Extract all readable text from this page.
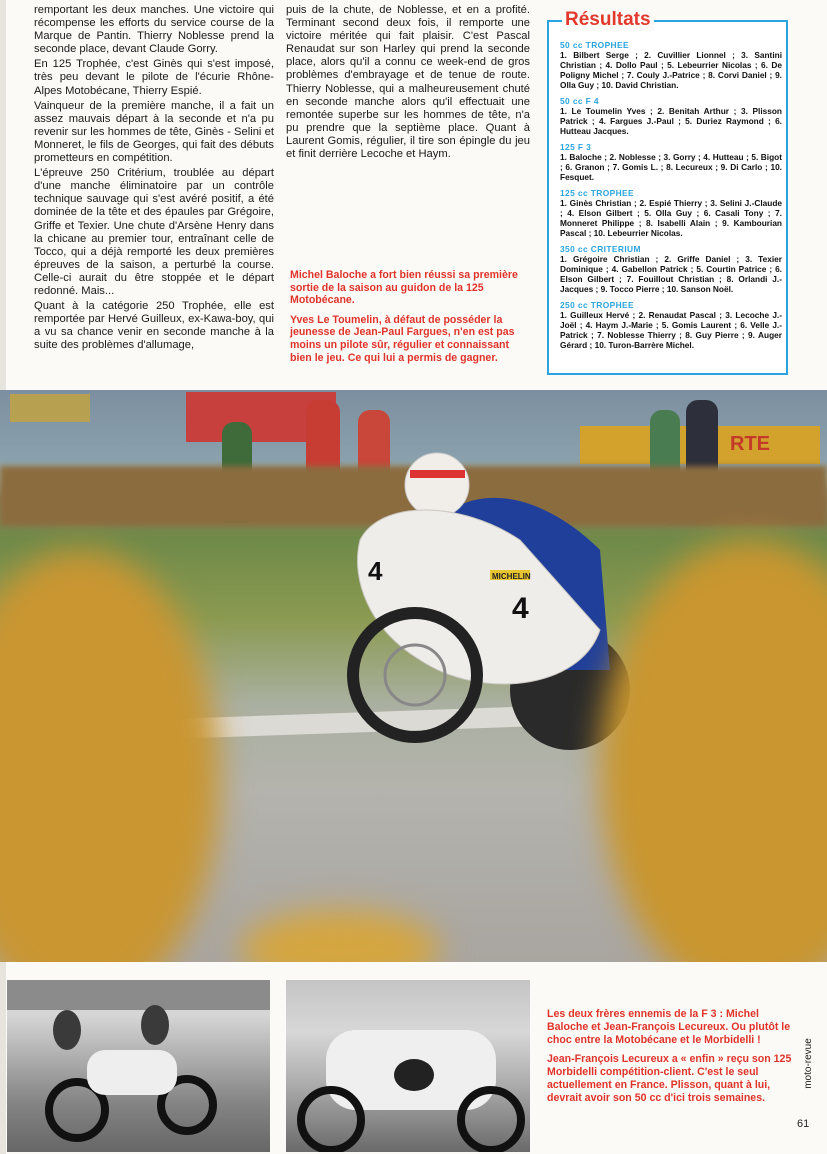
remportant les deux manches. Une victoire qui récompense les efforts du service course de la Marque de Pantin. Thierry Noblesse prend la seconde place, devant Claude Gorry.

En 125 Trophée, c'est Ginès qui s'est imposé, très peu devant le pilote de l'écurie Rhône-Alpes Motobécane, Thierry Espié.

Vainqueur de la première manche, il a fait un assez mauvais départ à la seconde et n'a pu revenir sur les hommes de tête, Ginès - Selini et Monneret, le fils de Georges, qui fait des débuts prometteurs en compétition.

L'épreuve 250 Critérium, troublée au départ d'une manche éliminatoire par un contrôle technique sauvage qui s'est avéré positif, a été dominée de la tête et des épaules par Grégoire, Griffe et Texier. Une chute d'Arsène Henry dans la chicane au premier tour, entraînant celle de Tocco, qui a déjà remporté les deux premières épreuves de la saison, a perturbé la course. Celle-ci aurait du être stoppée et le départ redonné. Mais...

Quant à la catégorie 250 Trophée, elle est remportée par Hervé Guilleux, ex-Kawa-boy, qui a vu sa chance venir en seconde manche à la suite des problèmes d'allumage,

puis de la chute, de Noblesse, et en a profité. Terminant second deux fois, il remporte une victoire méritée qui fait plaisir. C'est Pascal Renaudat sur son Harley qui prend la seconde place, alors qu'il a connu ce week-end de gros problèmes d'embrayage et de tenue de route. Thierry Noblesse, qui a malheureusement chuté en seconde manche alors qu'il effectuait une remontée superbe sur les hommes de tête, n'a pu prendre que la septième place. Quant à Laurent Gomis, régulier, il tire son épingle du jeu et finit derrière Lecoche et Haym.

Michel Baloche a fort bien réussi sa première sortie de la saison au guidon de la 125 Motobécane.

Yves Le Toumelin, à défaut de posséder la jeunesse de Jean-Paul Fargues, n'en est pas moins un pilote sûr, régulier et connaissant bien le jeu. Ce qui lui a permis de gagner.

Résultats
50 cc TROPHEE
1. Bilbert Serge ; 2. Cuvillier Lionnel ; 3. Santini Christian ; 4. Dollo Paul ; 5. Lebeurrier Nicolas ; 6. De Poligny Michel ; 7. Couly J.-Patrice ; 8. Corvi Daniel ; 9. Olla Guy ; 10. David Christian.
50 cc F 4
1. Le Toumelin Yves ; 2. Benitah Arthur ; 3. Plisson Patrick ; 4. Fargues J.-Paul ; 5. Duriez Raymond ; 6. Hutteau Jacques.
125 F 3
1. Baloche ; 2. Noblesse ; 3. Gorry ; 4. Hutteau ; 5. Bigot ; 6. Granon ; 7. Gomis L. ; 8. Lecureux ; 9. Di Carlo ; 10. Fesquet.
125 cc TROPHEE
1. Ginès Christian ; 2. Espié Thierry ; 3. Selini J.-Claude ; 4. Elson Gilbert ; 5. Olla Guy ; 6. Casali Tony ; 7. Monneret Philippe ; 8. Isabelli Alain ; 9. Kambourian Pascal ; 10. Lebeurrier Nicolas.
350 cc CRITERIUM
1. Grégoire Christian ; 2. Griffe Daniel ; 3. Texier Dominique ; 4. Gabellon Patrick ; 5. Courtin Patrice ; 6. Elson Gilbert ; 7. Fouillout Christian ; 8. Orlandi J.-Jacques ; 9. Tocco Pierre ; 10. Sanson Noël.
250 cc TROPHEE
1. Guilleux Hervé ; 2. Renaudat Pascal ; 3. Lecoche J.-Joël ; 4. Haym J.-Marie ; 5. Gomis Laurent ; 6. Velle J.-Patrick ; 7. Noblesse Thierry ; 8. Guy Pierre ; 9. Auger Gérard ; 10. Turon-Barrère Michel.
RTE
MICHELIN
4
4

Les deux frères ennemis de la F 3 : Michel Baloche et Jean-François Lecureux. Ou plutôt le choc entre la Motobécane et le Morbidelli !

Jean-François Lecureux a « enfin » reçu son 125 Morbidelli compétition-client. C'est le seul actuellement en France. Plisson, quant à lui, devrait avoir son 50 cc d'ici trois semaines.

moto-revue
61
